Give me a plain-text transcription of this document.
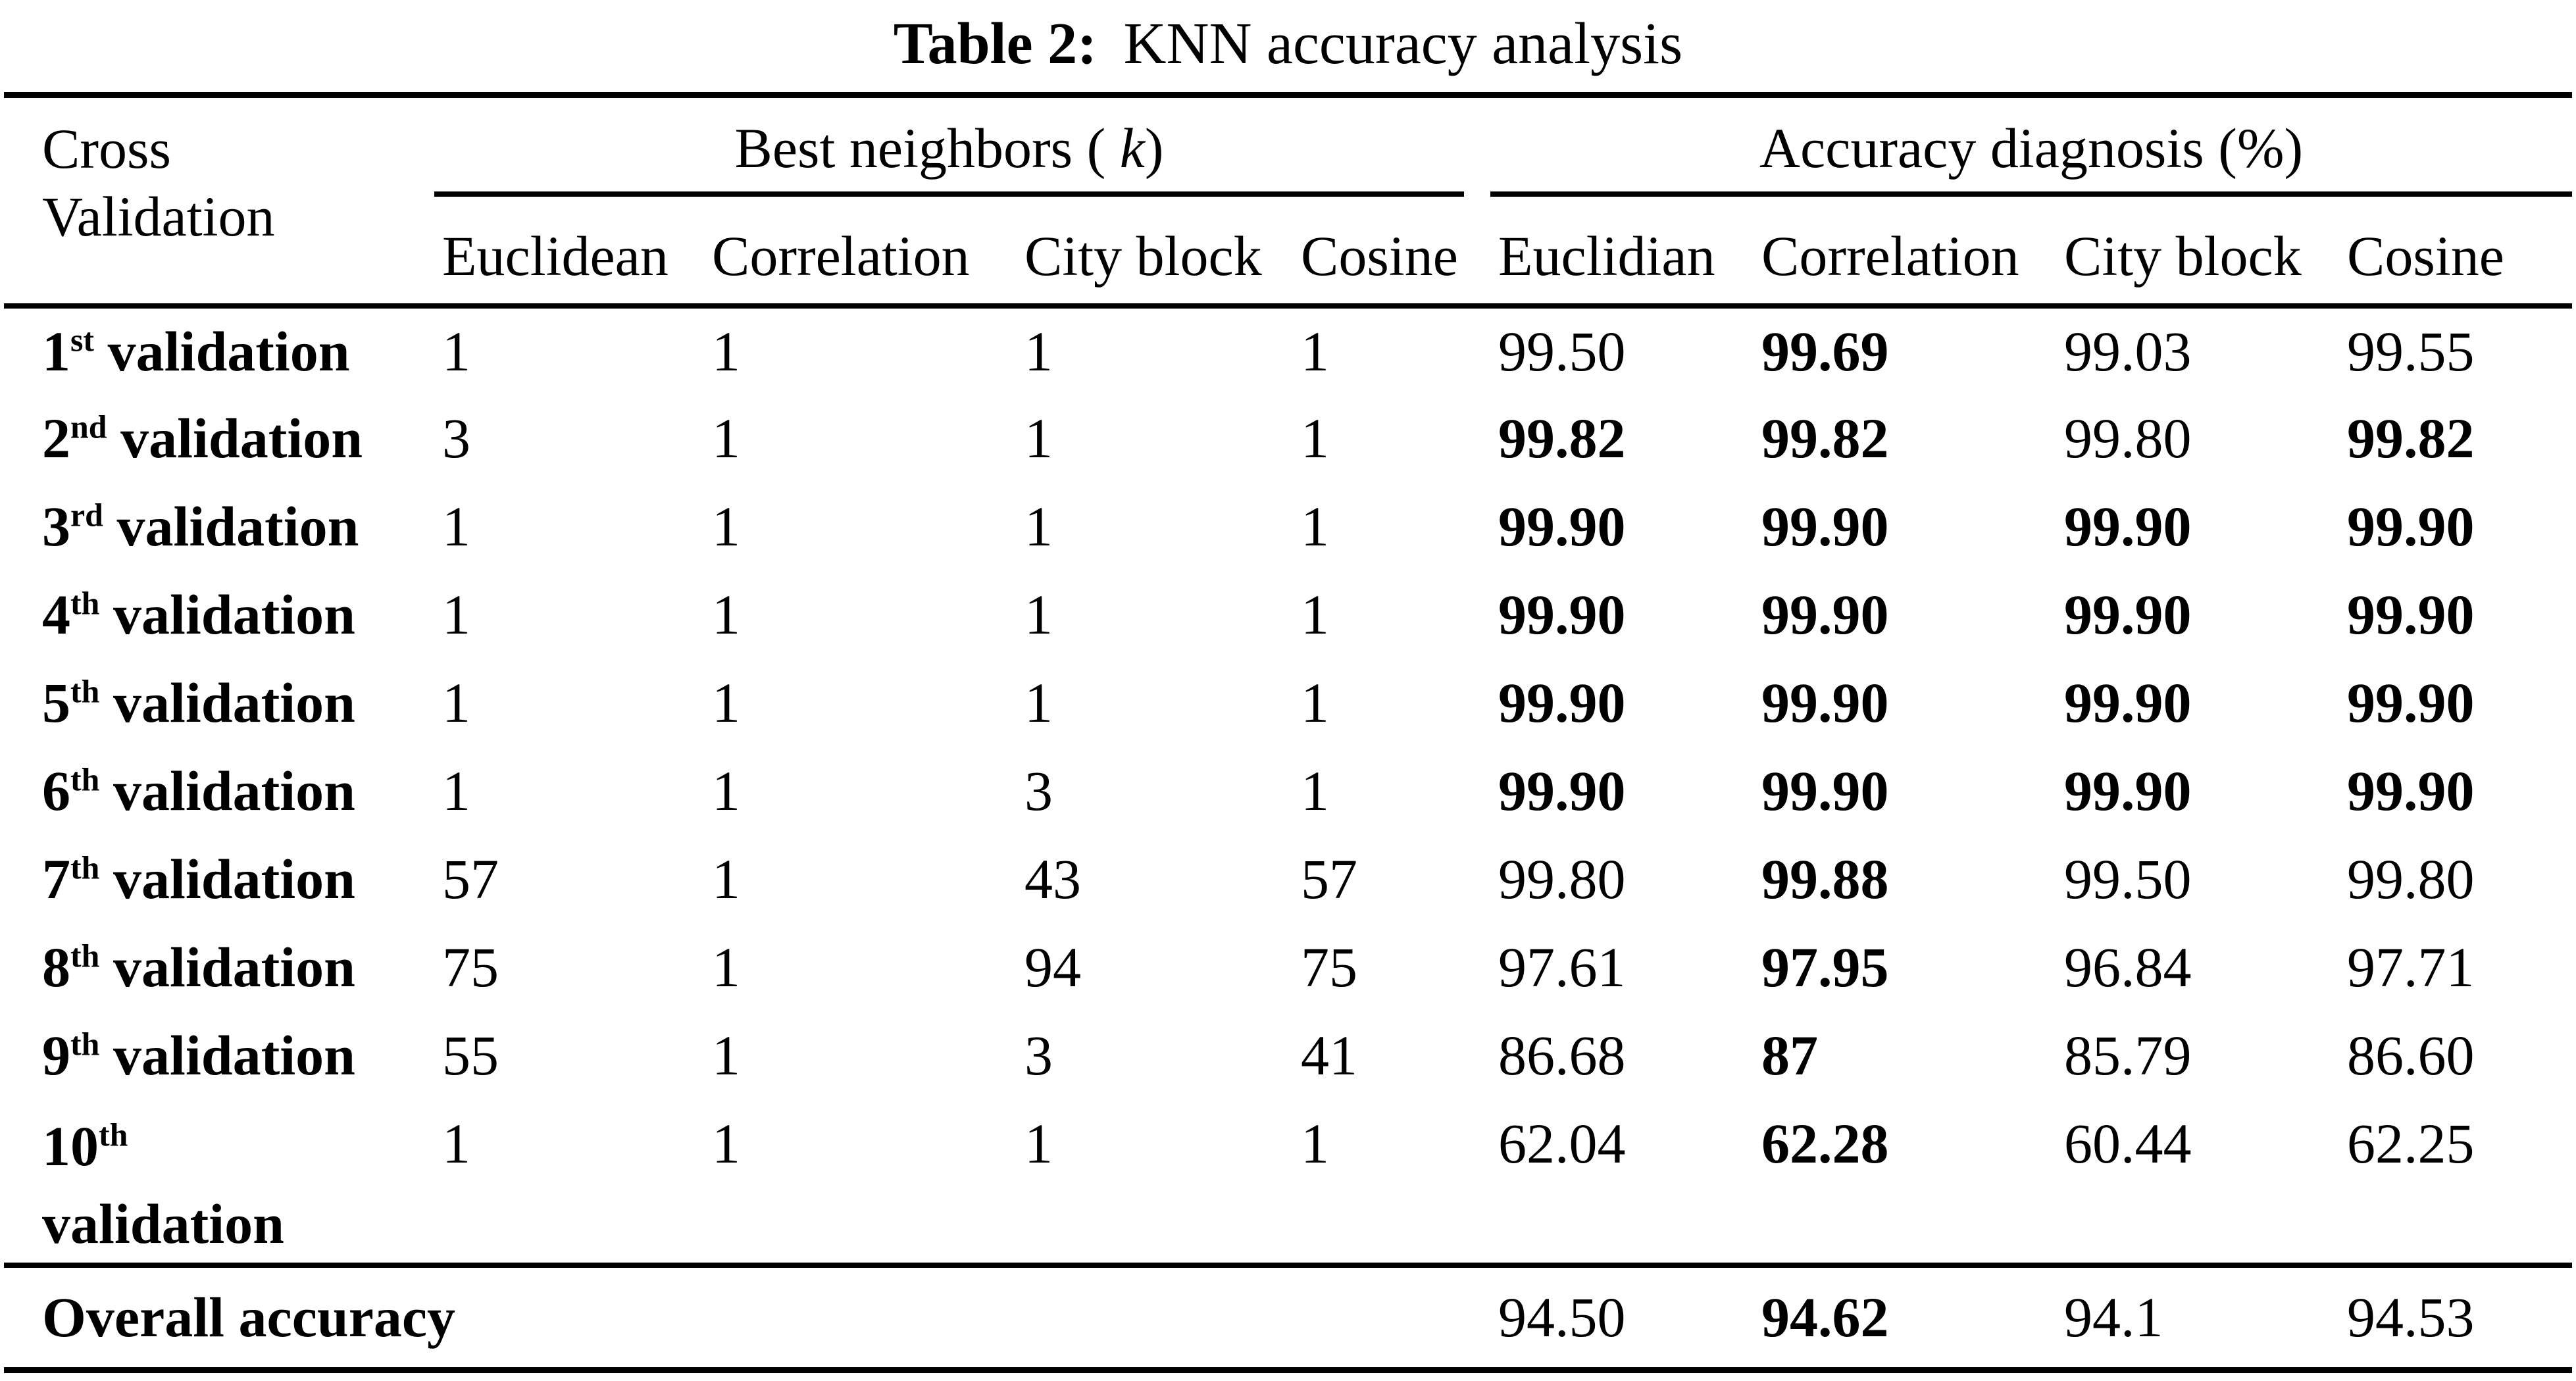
Table 2: KNN accuracy analysis
Cross
Validation	Best neighbors ( k)					Accuracy diagnosis (%)			
	Euclidean	Correlation	City block	Cosine		Euclidian	Correlation	City block	Cosine
1st validation	1	1	1	1		99.50	99.69	99.03	99.55
2nd validation	3	1	1	1		99.82	99.82	99.80	99.82
3rd validation	1	1	1	1		99.90	99.90	99.90	99.90
4th validation	1	1	1	1		99.90	99.90	99.90	99.90
5th validation	1	1	1	1		99.90	99.90	99.90	99.90
6th validation	1	1	3	1		99.90	99.90	99.90	99.90
7th validation	57	1	43	57		99.80	99.88	99.50	99.80
8th validation	75	1	94	75		97.61	97.95	96.84	97.71
9th validation	55	1	3	41		86.68	87	85.79	86.60

10th
validation	1	1	1	1		62.04	62.28	60.44	62.25
Overall accuracy						94.50	94.62	94.1	94.53
